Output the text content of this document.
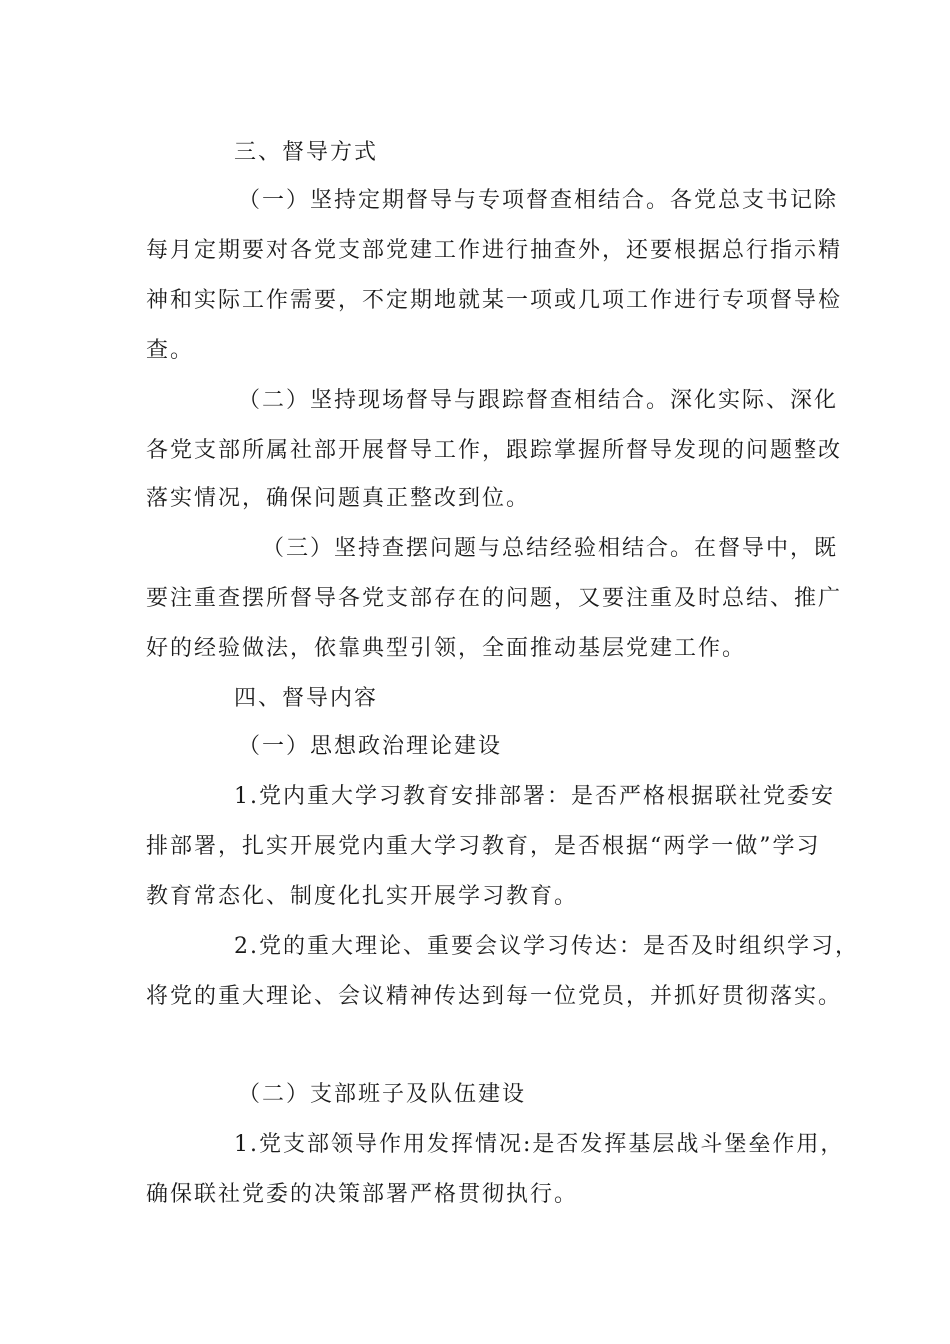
三、督导方式

（一）坚持定期督导与专项督查相结合。各党总支书记除

每月定期要对各党支部党建工作进行抽查外，还要根据总行指示精

神和实际工作需要，不定期地就某一项或几项工作进行专项督导检

查。

（二）坚持现场督导与跟踪督查相结合。深化实际、深化

各党支部所属社部开展督导工作，跟踪掌握所督导发现的问题整改

落实情况，确保问题真正整改到位。

（三）坚持查摆问题与总结经验相结合。在督导中，既

要注重查摆所督导各党支部存在的问题，又要注重及时总结、推广

好的经验做法，依靠典型引领，全面推动基层党建工作。

四、督导内容

（一）思想政治理论建设

1.党内重大学习教育安排部署：是否严格根据联社党委安

排部署，扎实开展党内重大学习教育，是否根据“两学一做”学习

教育常态化、制度化扎实开展学习教育。

2.党的重大理论、重要会议学习传达：是否及时组织学习，

将党的重大理论、会议精神传达到每一位党员，并抓好贯彻落实。

（二）支部班子及队伍建设

1.党支部领导作用发挥情况:是否发挥基层战斗堡垒作用，

确保联社党委的决策部署严格贯彻执行。
